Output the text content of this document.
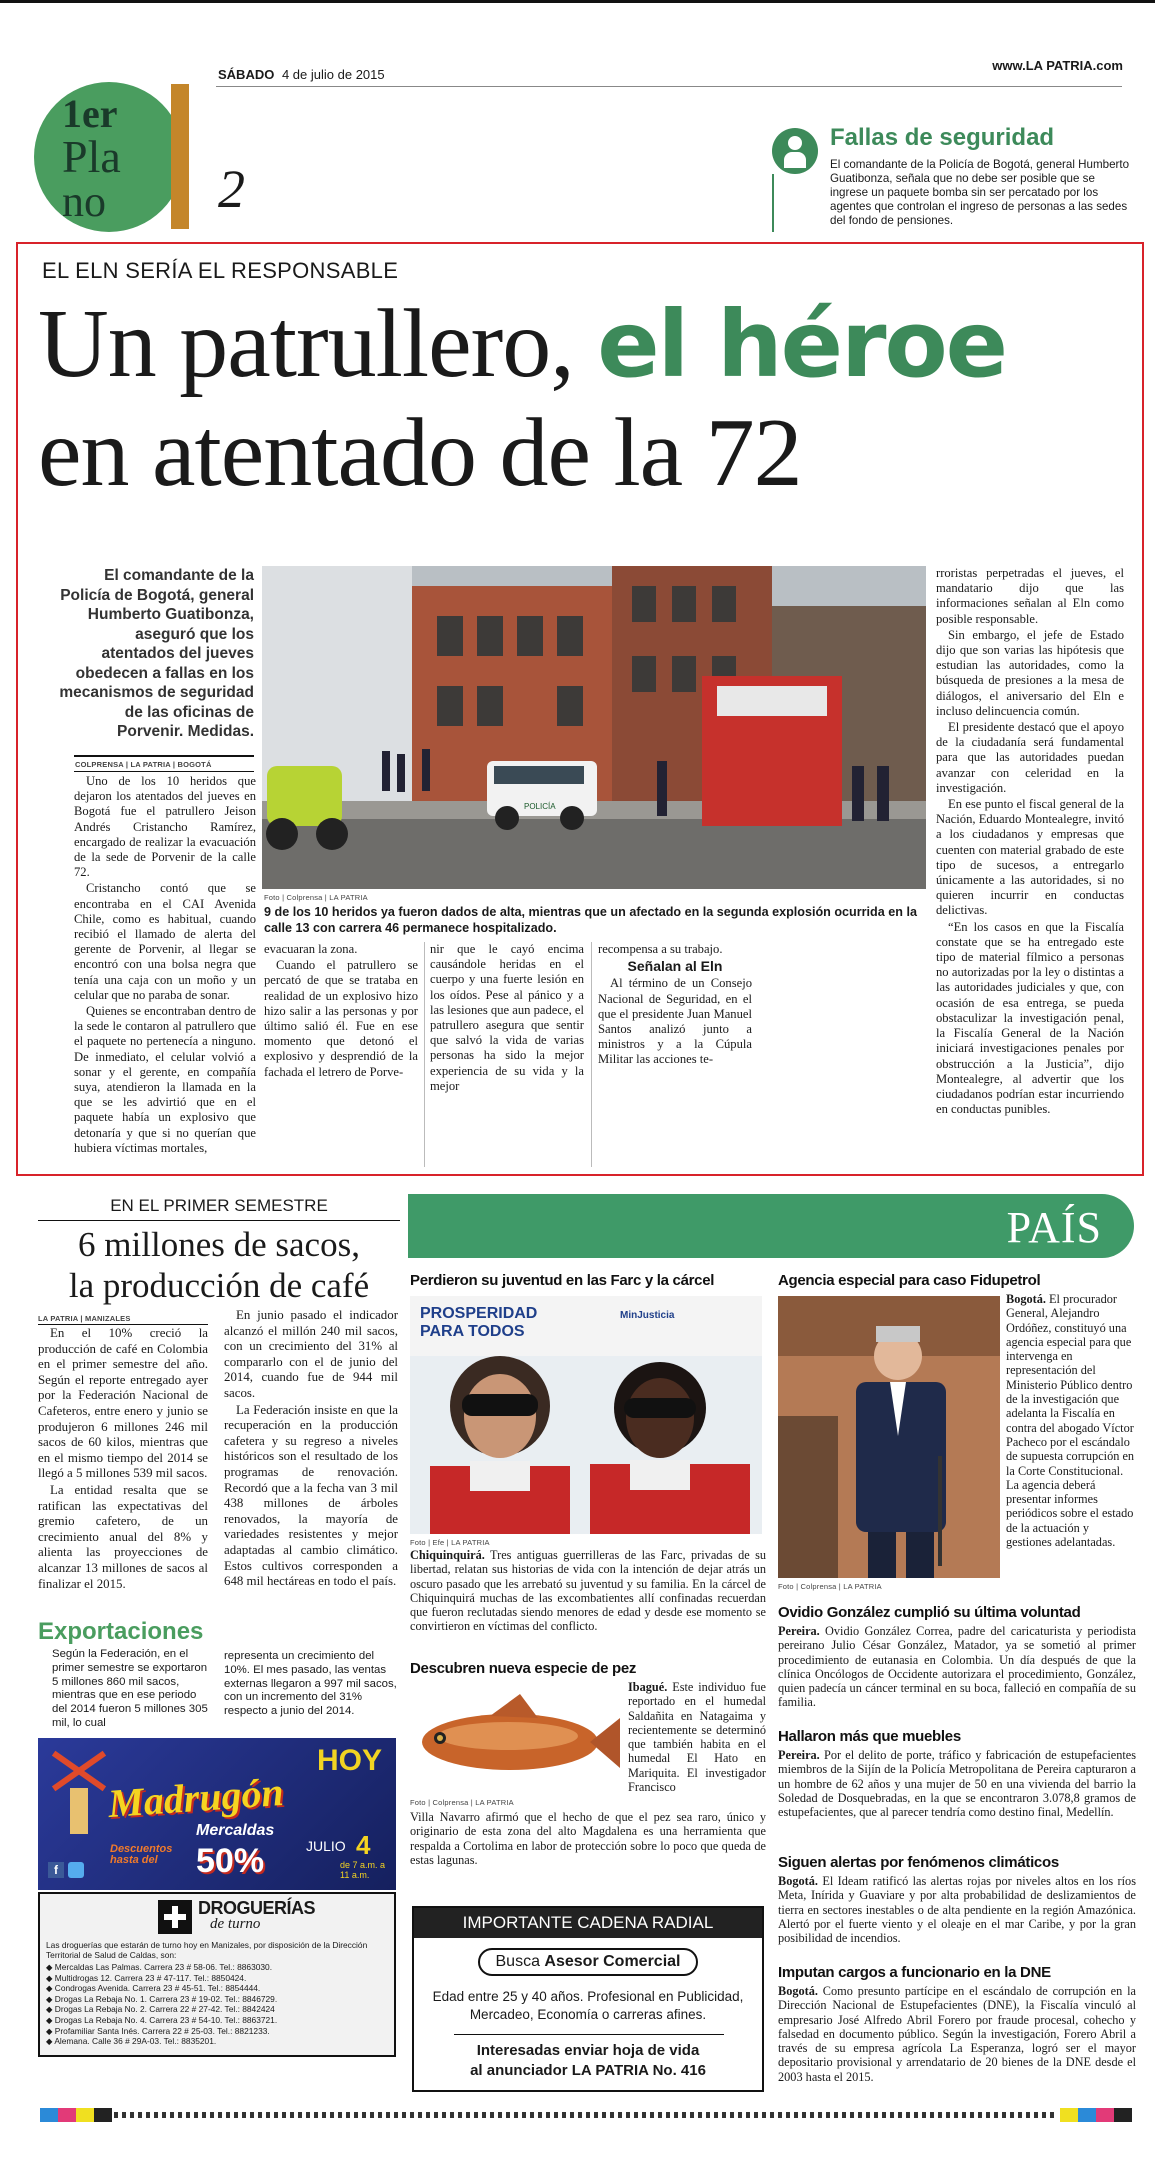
1er
Pla
no 2
SÁBADO 4 de julio de 2015
www.LA PATRIA.com
Fallas de seguridad
El comandante de la Policía de Bogotá, general Humberto Guatibonza, señala que no debe ser posible que se ingrese un paquete bomba sin ser percatado por los agentes que controlan el ingreso de personas a las sedes del fondo de pensiones.
EL ELN SERÍA EL RESPONSABLE
Un patrullero, el héroe
en atentado de la 72
El comandante de la Policía de Bogotá, general Humberto Guatibonza, aseguró que los atentados del jueves obedecen a fallas en los mecanismos de seguridad de las oficinas de Porvenir. Medidas.
COLPRENSA | LA PATRIA | BOGOTÁ

Uno de los 10 heridos que dejaron los atentados del jueves en Bogotá fue el patrullero Jeison Andrés Cristancho Ramírez, encargado de realizar la evacuación de la sede de Porvenir de la calle 72.

Cristancho contó que se encontraba en el CAI Avenida Chile, como es habitual, cuando recibió el llamado de alerta del gerente de Porvenir, al llegar se encontró con una bolsa negra que tenía una caja con un moño y un celular que no paraba de sonar.

Quienes se encontraban dentro de la sede le contaron al patrullero que el paquete no pertenecía a ninguno. De inmediato, el celular volvió a sonar y el gerente, en compañía suya, atendieron la llamada en la que se les advirtió que en el paquete había un explosivo que detonaría y que si no querían que hubiera víctimas mortales,

POLICÍA
Foto | Colprensa | LA PATRIA
9 de los 10 heridos ya fueron dados de alta, mientras que un afectado en la segunda explosión ocurrida en la calle 13 con carrera 46 permanece hospitalizado.

evacuaran la zona.

Cuando el patrullero se percató de que se trataba en realidad de un explosivo hizo hizo salir a las personas y por último salió él. Fue en ese momento que detonó el explosivo y desprendió de la fachada el letrero de Porve-

nir que le cayó encima causándole heridas en el cuerpo y una fuerte lesión en los oídos. Pese al pánico y a las lesiones que aun padece, el patrullero asegura que sentir que salvó la vida de varias personas ha sido la mejor experiencia de su vida y la mejor

recompensa a su trabajo.

Señalan al Eln

Al término de un Consejo Nacional de Seguridad, en el que el presidente Juan Manuel Santos analizó junto a ministros y a la Cúpula Militar las acciones te-

rroristas perpetradas el jueves, el mandatario dijo que las informaciones señalan al Eln como posible responsable.

Sin embargo, el jefe de Estado dijo que son varias las hipótesis que estudian las autoridades, como la búsqueda de presiones a la mesa de diálogos, el aniversario del Eln e incluso delincuencia común.

El presidente destacó que el apoyo de la ciudadanía será fundamental para que las autoridades puedan avanzar con celeridad en la investigación.

En ese punto el fiscal general de la Nación, Eduardo Montealegre, invitó a los ciudadanos y empresas que cuenten con material grabado de este tipo de sucesos, a entregarlo únicamente a las autoridades, si no quieren incurrir en conductas delictivas.

“En los casos en que la Fiscalía constate que se ha entregado este tipo de material fílmico a personas no autorizadas por la ley o distintas a las autoridades judiciales y que, con ocasión de esa entrega, se pueda obstaculizar la investigación penal, la Fiscalía General de la Nación iniciará investigaciones penales por obstrucción a la Justicia”, dijo Montealegre, al advertir que los ciudadanos podrían estar incurriendo en conductas punibles.

EN EL PRIMER SEMESTRE
6 millones de sacos,
la producción de café
LA PATRIA | MANIZALES

En el 10% creció la producción de café en Colombia en el primer semestre del año. Según el reporte entregado ayer por la Federación Nacional de Cafeteros, entre enero y junio se produjeron 6 millones 246 mil sacos de 60 kilos, mientras que en el mismo tiempo del 2014 se llegó a 5 millones 539 mil sacos.

La entidad resalta que se ratifican las expectativas del gremio cafetero, de un crecimiento anual del 8% y alienta las proyecciones de alcanzar 13 millones de sacos al finalizar el 2015.

En junio pasado el indicador alcanzó el millón 240 mil sacos, con un crecimiento del 31% al compararlo con el de junio del 2014, cuando fue de 944 mil sacos.

La Federación insiste en que la recuperación en la producción cafetera y su regreso a niveles históricos son el resultado de los programas de renovación. Recordó que a la fecha van 3 mil 438 millones de árboles renovados, la mayoría de variedades resistentes y mejor adaptadas al cambio climático. Estos cultivos corresponden a 648 mil hectáreas en todo el país.

Exportaciones
Según la Federación, en el primer semestre se exportaron 5 millones 860 mil sacos, mientras que en ese periodo del 2014 fueron 5 millones 305 mil, lo cual
representa un crecimiento del 10%. El mes pasado, las ventas externas llegaron a 997 mil sacos, con un incremento del 31% respecto a junio del 2014.
HOY
Madrugón
Mercaldas
Descuentos hasta del	50%	JULIO 4
de 7 a.m. a 11 a.m.
f
DROGUERÍAS
de turno
Las droguerías que estarán de turno hoy en Manizales, por disposición de la Dirección Territorial de Salud de Caldas, son:
◆ Mercaldas Las Palmas. Carrera 23 # 58-06. Tel.: 8863030.
◆ Multidrogas 12. Carrera 23 # 47-117. Tel.: 8850424.
◆ Condrogas Avenida. Carrera 23 # 45-51. Tel.: 8854444.
◆ Drogas La Rebaja No. 1. Carrera 23 # 19-02. Tel.: 8846729.
◆ Drogas La Rebaja No. 2. Carrera 22 # 27-42. Tel.: 8842424
◆ Drogas La Rebaja No. 4. Carrera 23 # 54-10. Tel.: 8863721.
◆ Profamiliar Santa Inés. Carrera 22 # 25-03. Tel.: 8821233.
◆ Alemana. Calle 36 # 29A-03. Tel.: 8835201.
PAÍS
Perdieron su juventud en las Farc y la cárcel
PROSPERIDAD
PARA TODOS
MinJusticia
Foto | Efe | LA PATRIA
Chiquinquirá. Tres antiguas guerrilleras de las Farc, privadas de su libertad, relatan sus historias de vida con la intención de dejar atrás un oscuro pasado que les arrebató su juventud y su familia. En la cárcel de Chiquinquirá muchas de las excombatientes allí confinadas recuerdan que fueron reclutadas siendo menores de edad y desde ese momento se convirtieron en víctimas del conflicto.
Descubren nueva especie de pez
Foto | Colprensa | LA PATRIA
Ibagué. Este individuo fue reportado en el humedal Saldañita en Natagaima y recientemente se determinó que también habita en el humedal El Hato en Mariquita. El investigador Francisco
Villa Navarro afirmó que el hecho de que el pez sea raro, único y originario de esta zona del alto Magdalena es una herramienta que respalda a Cortolima en labor de protección sobre lo poco que queda de estas lagunas.
IMPORTANTE CADENA RADIAL
Busca Asesor Comercial
Edad entre 25 y 40 años. Profesional en Publicidad, Mercadeo, Economía o carreras afines.
Interesadas enviar hoja de vida
al anunciador LA PATRIA No. 416
Agencia especial para caso Fidupetrol
Foto | Colprensa | LA PATRIA
Bogotá. El procurador General, Alejandro Ordóñez, constituyó una agencia especial para que intervenga en representación del Ministerio Público dentro de la investigación que adelanta la Fiscalía en contra del abogado Víctor Pacheco por el escándalo de supuesta corrupción en la Corte Constitucional. La agencia deberá presentar informes periódicos sobre el estado de la actuación y gestiones adelantadas.
Ovidio González cumplió su última voluntad
Pereira. Ovidio González Correa, padre del caricaturista y periodista pereirano Julio César González, Matador, ya se sometió al primer procedimiento de eutanasia en Colombia. Un día después de que la clínica Oncólogos de Occidente autorizara el procedimiento, González, quien padecía un cáncer terminal en su boca, falleció en compañía de su familia.
Hallaron más que muebles
Pereira. Por el delito de porte, tráfico y fabricación de estupefacientes miembros de la Sijín de la Policía Metropolitana de Pereira capturaron a un hombre de 62 años y una mujer de 50 en una vivienda del barrio la Soledad de Dosquebradas, en la que se encontraron 3.078,8 gramos de estupefacientes, que al parecer tendría como destino final, Medellín.
Siguen alertas por fenómenos climáticos
Bogotá. El Ideam ratificó las alertas rojas por niveles altos en los ríos Meta, Inírida y Guaviare y por alta probabilidad de deslizamientos de tierra en sectores inestables o de alta pendiente en la región Amazónica. Alertó por el fuerte viento y el oleaje en el mar Caribe, y por la gran posibilidad de incendios.
Imputan cargos a funcionario en la DNE
Bogotá. Como presunto partícipe en el escándalo de corrupción en la Dirección Nacional de Estupefacientes (DNE), la Fiscalía vinculó al empresario José Alfredo Abril Forero por fraude procesal, cohecho y falsedad en documento público. Según la investigación, Forero Abril a través de su empresa agrícola La Esperanza, logró ser el mayor depositario provisional y arrendatario de 20 bienes de la DNE desde el 2003 hasta el 2015.
